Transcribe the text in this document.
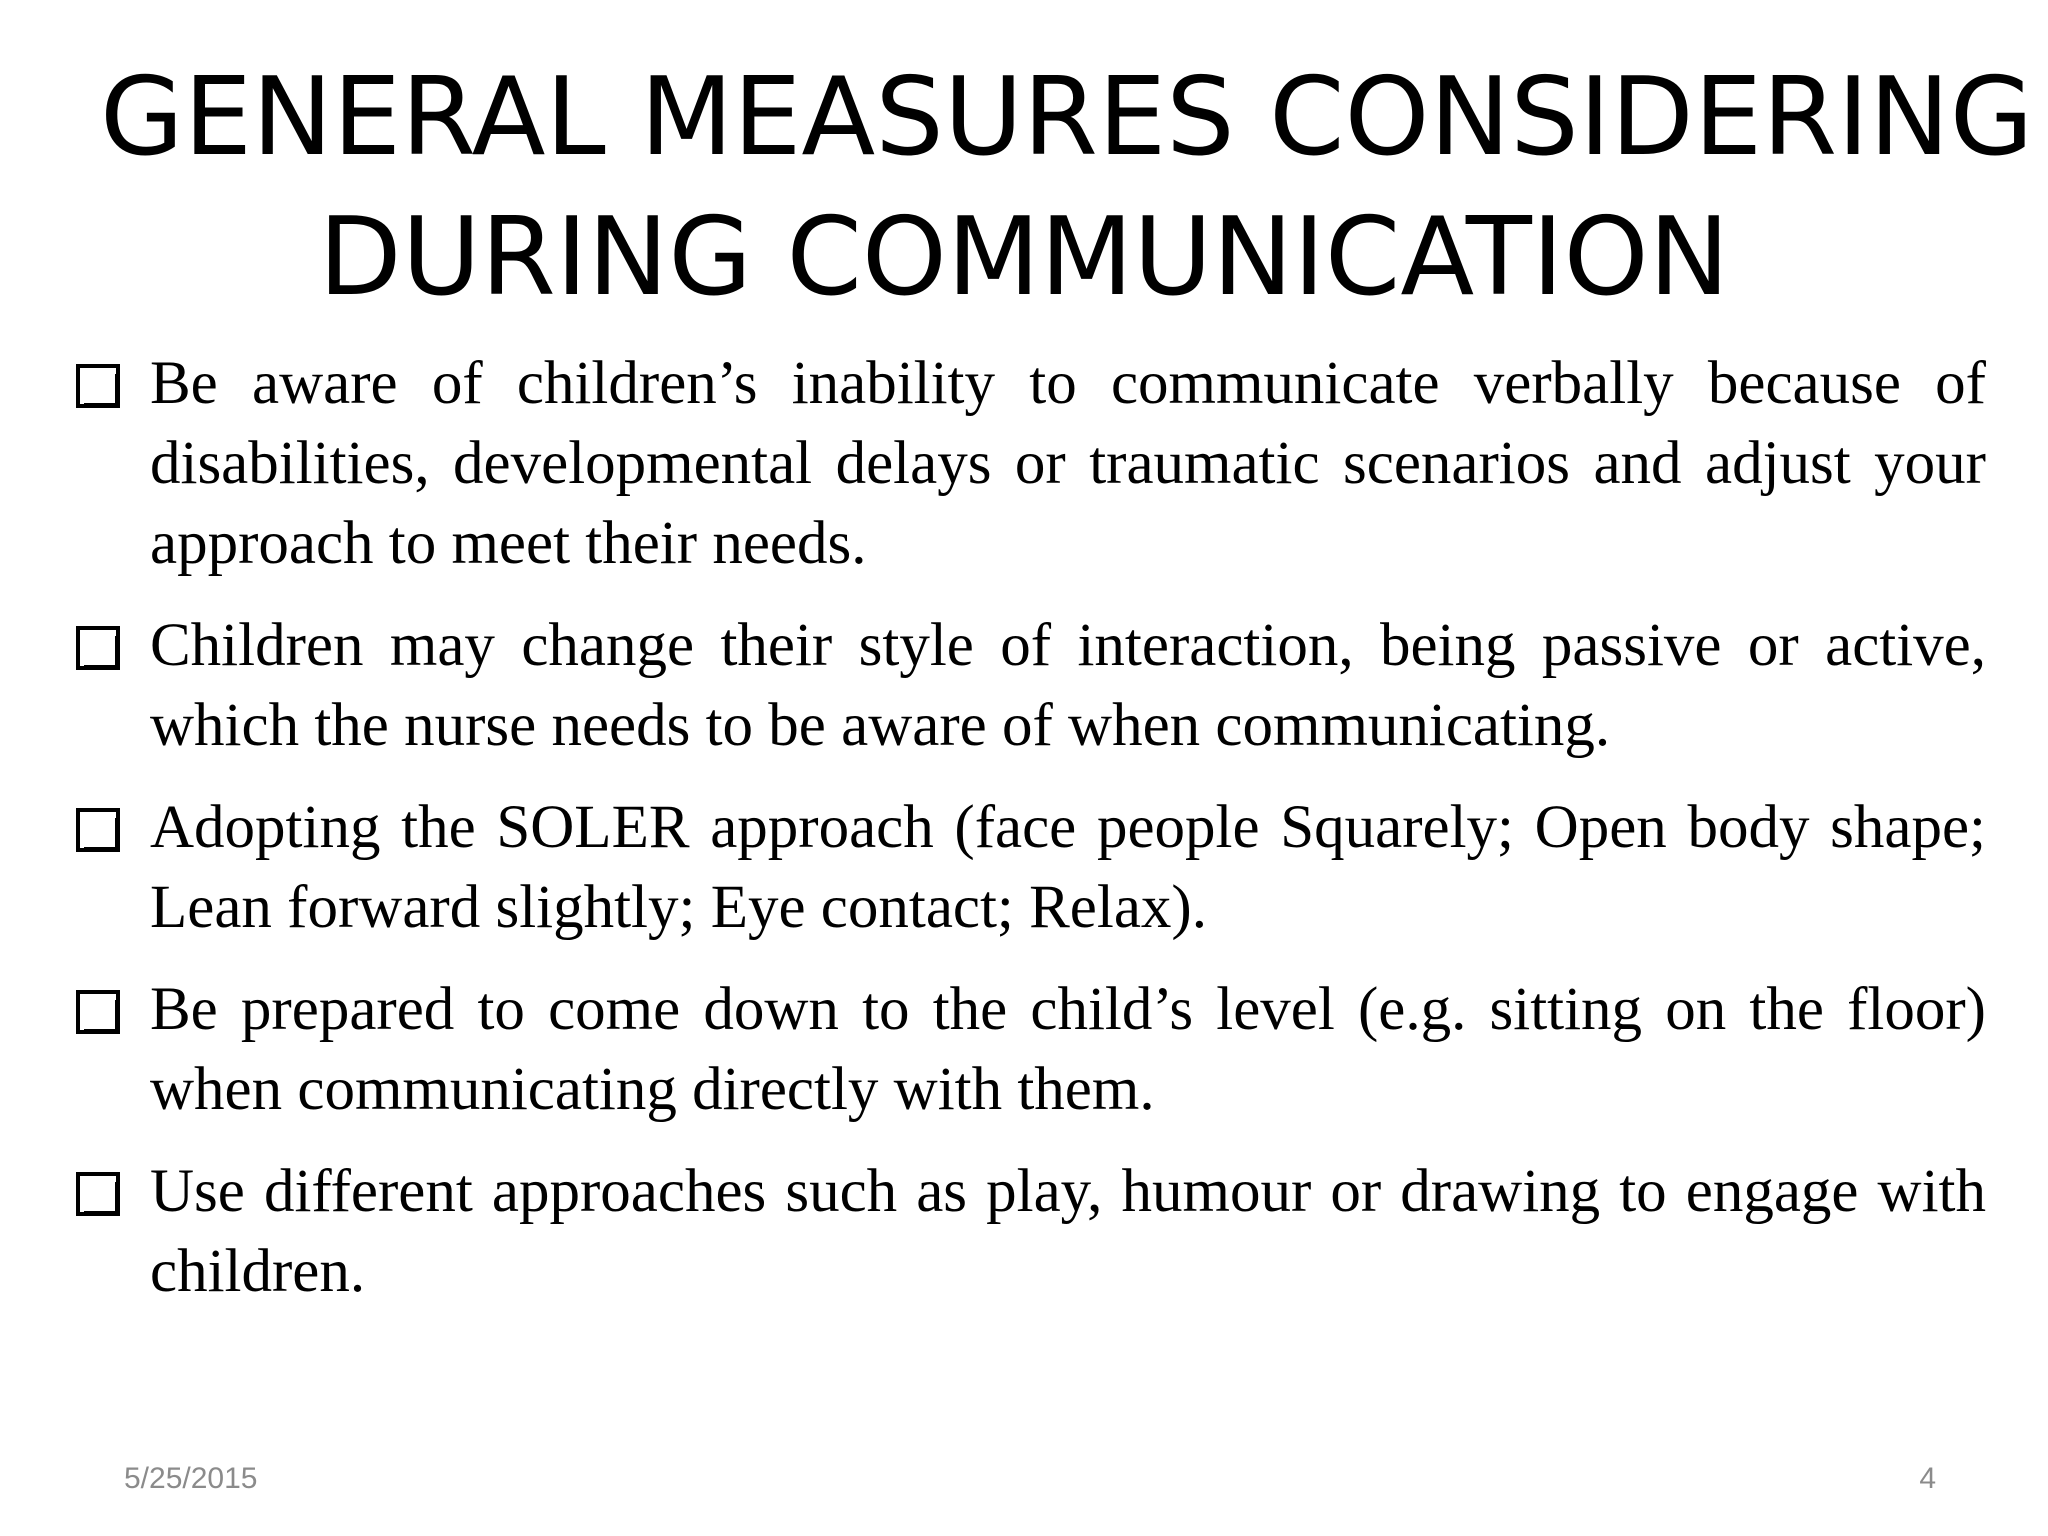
GENERAL MEASURES CONSIDERING
DURING COMMUNICATION
Be aware of children’s inability to communicate verbally because of disabilities, developmental delays or traumatic scenarios and adjust your approach to meet their needs.
Children may change their style of interaction, being passive or active, which the nurse needs to be aware of when communicating.
Adopting the SOLER approach (face people Squarely; Open body shape; Lean forward slightly; Eye contact; Relax).
Be prepared to come down to the child’s level (e.g. sitting on the floor) when communicating directly with them.
Use different approaches such as play, humour or drawing to engage with children.
5/25/2015	4
